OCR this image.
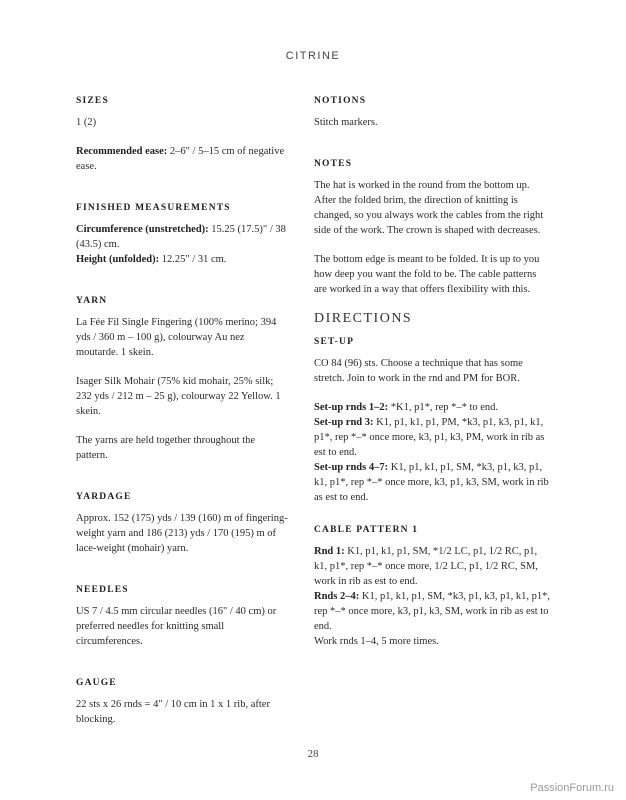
CITRINE
SIZES

1 (2)

Recommended ease: 2–6" / 5–15 cm of negative ease.

FINISHED MEASUREMENTS

Circumference (unstretched): 15.25 (17.5)" / 38 (43.5) cm.

Height (unfolded): 12.25" / 31 cm.

YARN

La Fée Fil Single Fingering (100% merino; 394 yds / 360 m – 100 g), colourway Au nez moutarde. 1 skein.

Isager Silk Mohair (75% kid mohair, 25% silk; 232 yds / 212 m – 25 g), colourway 22 Yellow. 1 skein.

The yarns are held together throughout the pattern.

YARDAGE

Approx. 152 (175) yds / 139 (160) m of fingering-weight yarn and 186 (213) yds / 170 (195) m of lace-weight (mohair) yarn.

NEEDLES

US 7 / 4.5 mm circular needles (16" / 40 cm) or preferred needles for knitting small circumferences.

GAUGE

22 sts x 26 rnds = 4" / 10 cm in 1 x 1 rib, after blocking.

NOTIONS

Stitch markers.

NOTES

The hat is worked in the round from the bottom up. After the folded brim, the direction of knitting is changed, so you always work the cables from the right side of the work. The crown is shaped with decreases.

The bottom edge is meant to be folded. It is up to you how deep you want the fold to be. The cable patterns are worked in a way that offers flexibility with this.

DIRECTIONS
SET-UP

CO 84 (96) sts. Choose a technique that has some stretch. Join to work in the rnd and PM for BOR.

Set-up rnds 1–2: *K1, p1*, rep *–* to end.

Set-up rnd 3: K1, p1, k1, p1, PM, *k3, p1, k3, p1, k1, p1*, rep *–* once more, k3, p1, k3, PM, work in rib as est to end.

Set-up rnds 4–7: K1, p1, k1, p1, SM, *k3, p1, k3, p1, k1, p1*, rep *–* once more, k3, p1, k3, SM, work in rib as est to end.

CABLE PATTERN 1

Rnd 1: K1, p1, k1, p1, SM, *1/2 LC, p1, 1/2 RC, p1, k1, p1*, rep *–* once more, 1/2 LC, p1, 1/2 RC, SM, work in rib as est to end.

Rnds 2–4: K1, p1, k1, p1, SM, *k3, p1, k3, p1, k1, p1*, rep *–* once more, k3, p1, k3, SM, work in rib as est to end.

Work rnds 1–4, 5 more times.

28
PassionForum.ru
